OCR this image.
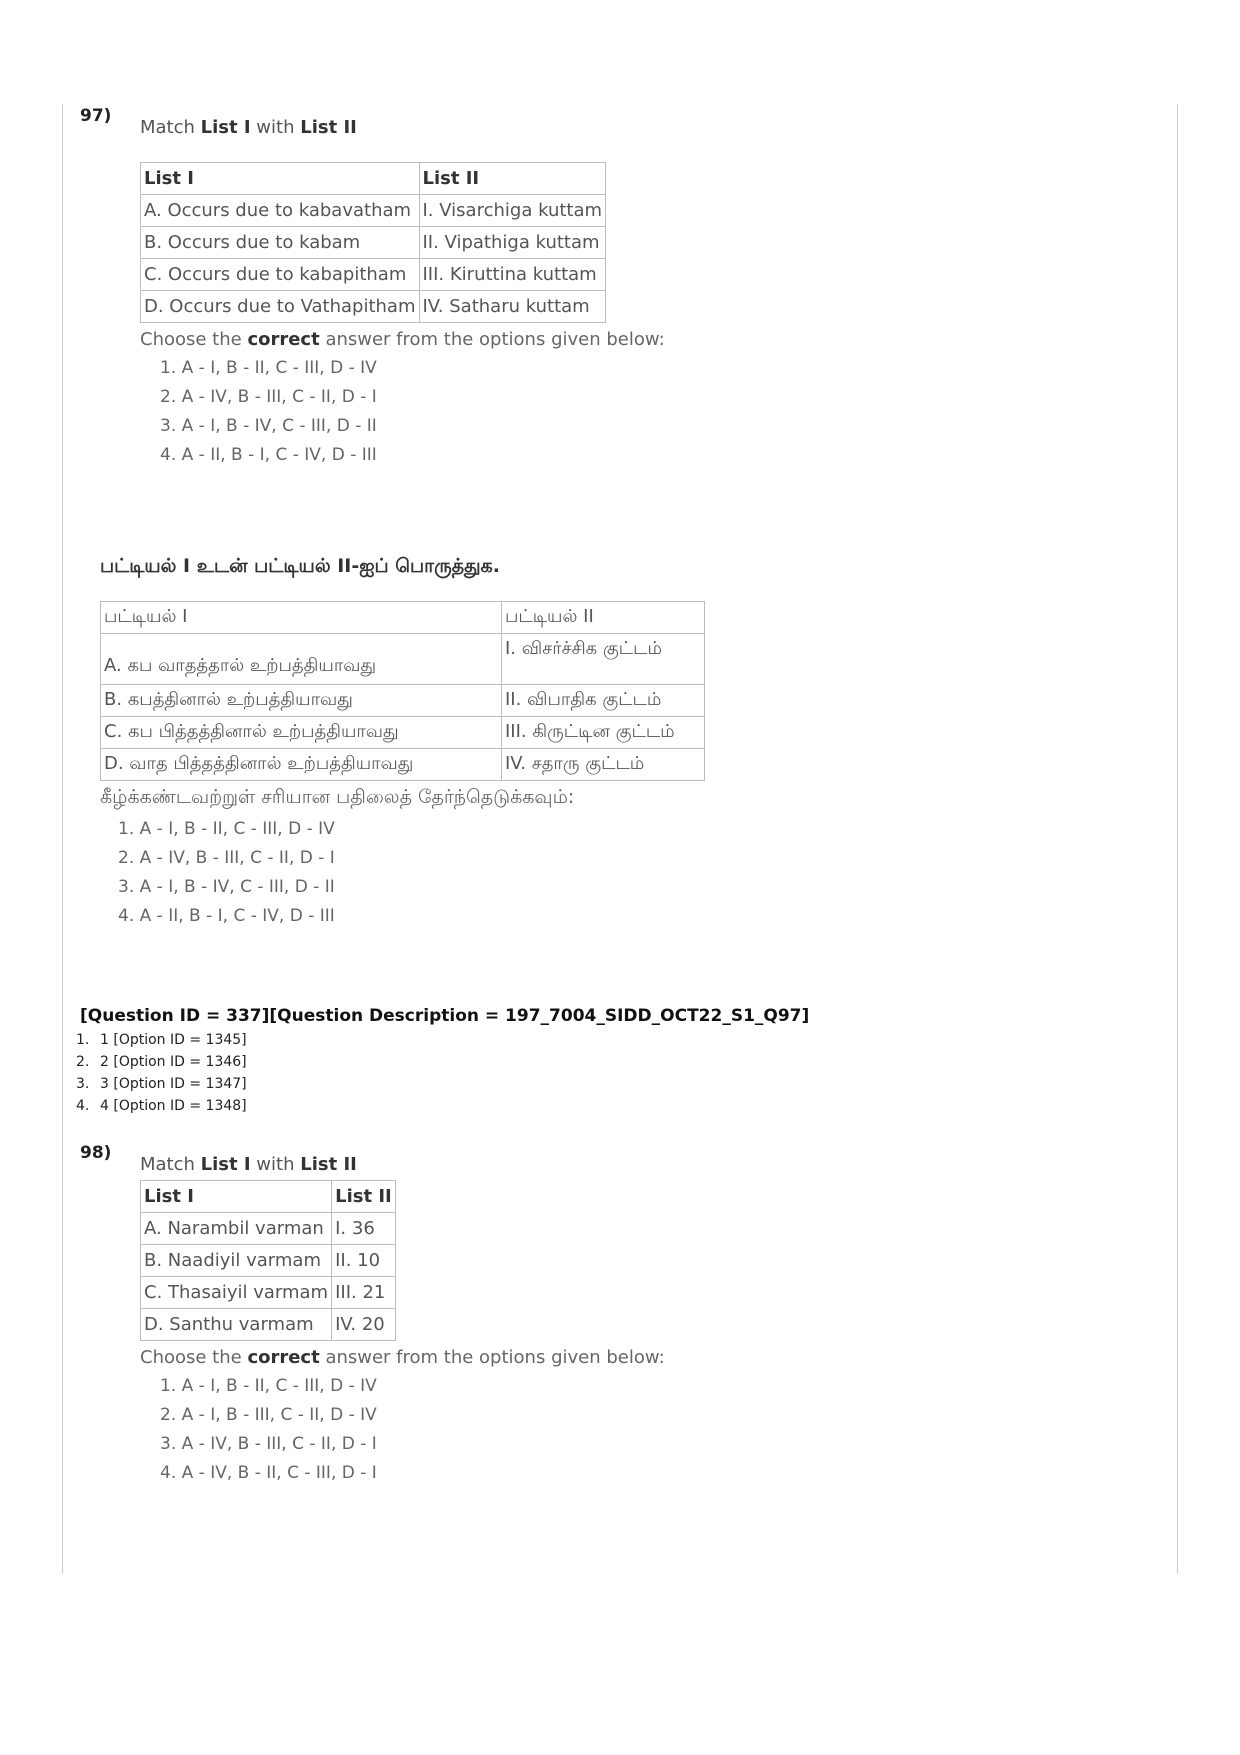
97)
Match List I with List II
List I	List II
A. Occurs due to kabavatham	I. Visarchiga kuttam
B. Occurs due to kabam	II. Vipathiga kuttam
C. Occurs due to kabapitham	III. Kiruttina kuttam
D. Occurs due to Vathapitham	IV. Satharu kuttam
Choose the correct answer from the options given below:
1. A - I, B - II, C - III, D - IV
2. A - IV, B - III, C - II, D - I
3. A - I, B - IV, C - III, D - II
4. A - II, B - I, C - IV, D - III
பட்டியல் I உடன் பட்டியல் II-ஐப் பொருத்துக.
பட்டியல் I	பட்டியல் II
A. கப வாதத்தால் உற்பத்தியாவது	I. விசர்ச்சிக குட்டம்
B. கபத்தினால் உற்பத்தியாவது	II. விபாதிக குட்டம்
C. கப பித்தத்தினால் உற்பத்தியாவது	III. கிருட்டின குட்டம்
D. வாத பித்தத்தினால் உற்பத்தியாவது	IV. சதாரு குட்டம்
கீழ்க்கண்டவற்றுள் சரியான பதிலைத் தேர்ந்தெடுக்கவும்:
1. A - I, B - II, C - III, D - IV
2. A - IV, B - III, C - II, D - I
3. A - I, B - IV, C - III, D - II
4. A - II, B - I, C - IV, D - III
[Question ID = 337][Question Description = 197_7004_SIDD_OCT22_S1_Q97]
1. 1 [Option ID = 1345]
2. 2 [Option ID = 1346]
3. 3 [Option ID = 1347]
4. 4 [Option ID = 1348]
98)
Match List I with List II
List I	List II
A. Narambil varman	I. 36
B. Naadiyil varmam	II. 10
C. Thasaiyil varmam	III. 21
D. Santhu varmam	IV. 20
Choose the correct answer from the options given below:
1. A - I, B - II, C - III, D - IV
2. A - I, B - III, C - II, D - IV
3. A - IV, B - III, C - II, D - I
4. A - IV, B - II, C - III, D - I
